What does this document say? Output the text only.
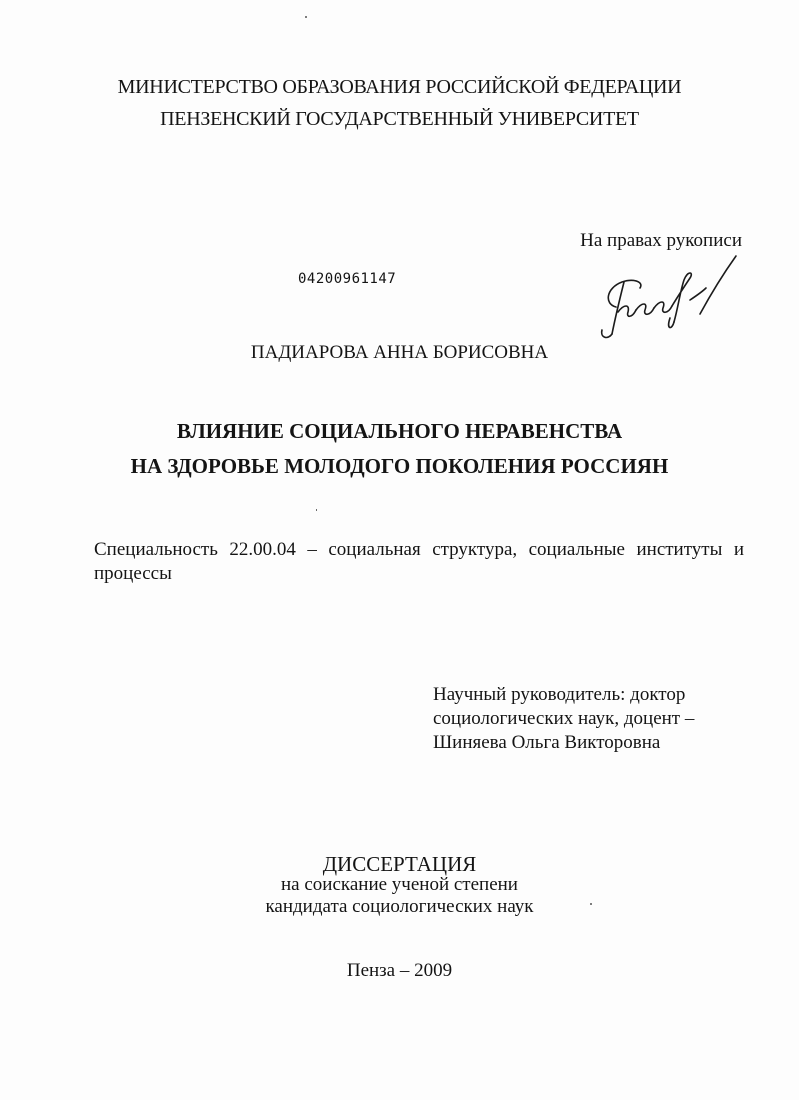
МИНИСТЕРСТВО ОБРАЗОВАНИЯ РОССИЙСКОЙ ФЕДЕРАЦИИ
ПЕНЗЕНСКИЙ ГОСУДАРСТВЕННЫЙ УНИВЕРСИТЕТ
На правах рукописи
04200961147
ПАДИАРОВА АННА БОРИСОВНА
ВЛИЯНИЕ СОЦИАЛЬНОГО НЕРАВЕНСТВА
НА ЗДОРОВЬЕ МОЛОДОГО ПОКОЛЕНИЯ РОССИЯН
Специальность 22.00.04 – социальная структура, социальные институты и процессы
Научный руководитель: доктор
социологических наук, доцент –
Шиняева Ольга Викторовна
ДИССЕРТАЦИЯ
на соискание ученой степени
кандидата социологических наук
Пенза – 2009
